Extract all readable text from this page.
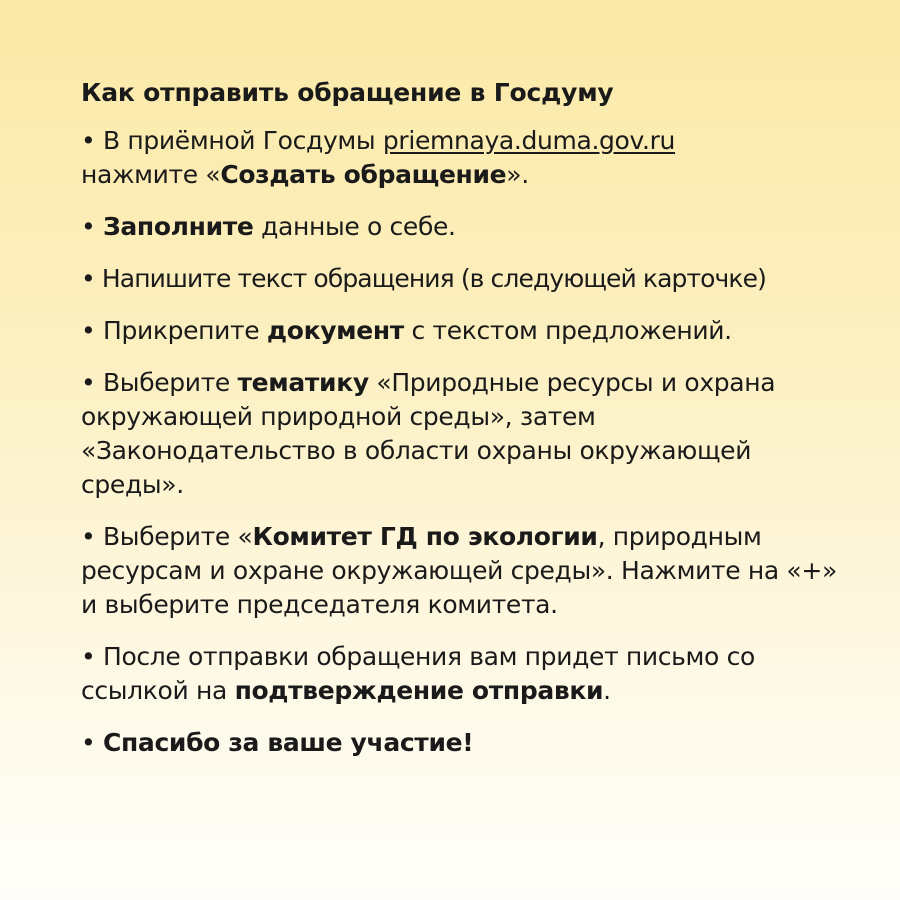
Как отправить обращение в Госдуму
• В приёмной Госдумы priemnaya.duma.gov.ru
нажмите «Создать обращение».
• Заполните данные о себе.
• Напишите текст обращения (в следующей карточке)
• Прикрепите документ с текстом предложений.
• Выберите тематику «Природные ресурсы и охрана окружающей природной среды», затем «Законодательство в области охраны окружающей среды».
• Выберите «Комитет ГД по экологии, природным ресурсам и охране окружающей среды». Нажмите на «+» и выберите председателя комитета.
• После отправки обращения вам придет письмо со ссылкой на подтверждение отправки.
• Спасибо за ваше участие!
